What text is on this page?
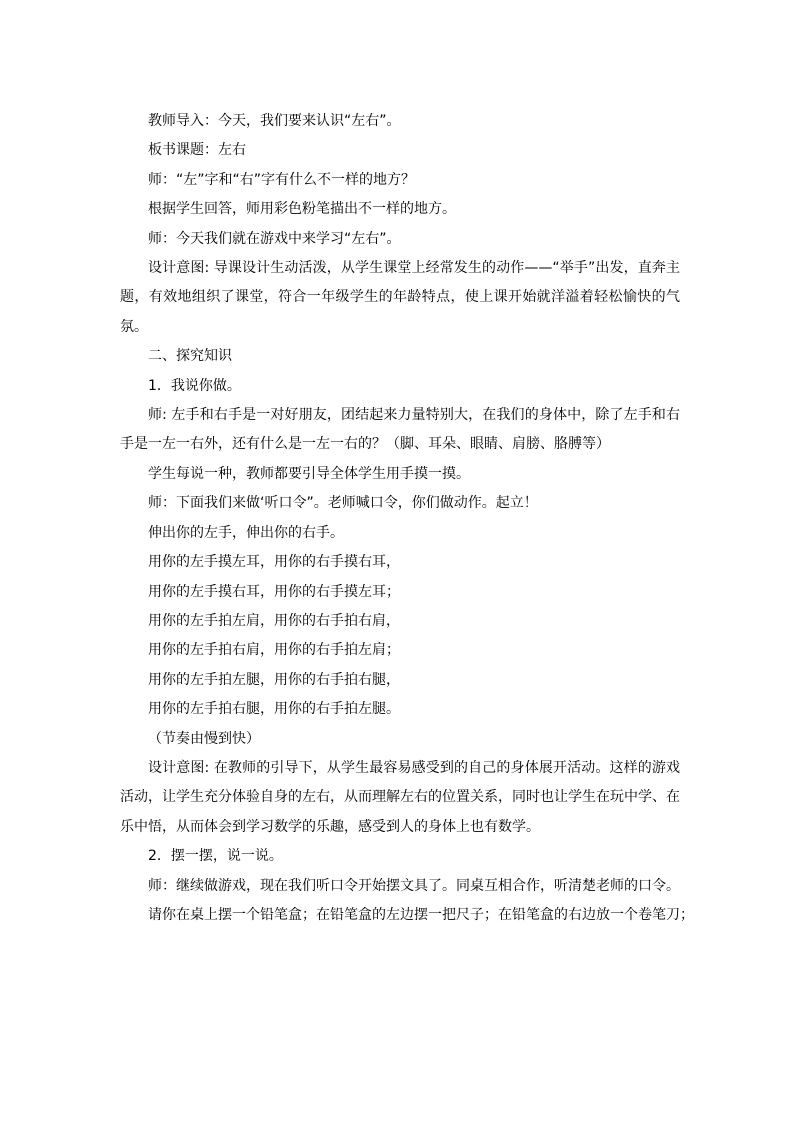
教师导入：今天，我们要来认识“左右”。

板书课题：左右

师：“左”字和“右”字有什么不一样的地方？

根据学生回答，师用彩色粉笔描出不一样的地方。

师：今天我们就在游戏中来学习“左右”。

设计意图: 导课设计生动活泼，从学生课堂上经常发生的动作——“举手”出发，直奔主题，有效地组织了课堂，符合一年级学生的年龄特点，使上课开始就洋溢着轻松愉快的气氛。

二、探究知识

1．我说你做。

师: 左手和右手是一对好朋友，团结起来力量特别大，在我们的身体中，除了左手和右手是一左一右外，还有什么是一左一右的？（脚、耳朵、眼睛、肩膀、胳膊等）

学生每说一种，教师都要引导全体学生用手摸一摸。

师：下面我们来做‘听口令”。老师喊口令，你们做动作。起立！

伸出你的左手，伸出你的右手。

用你的左手摸左耳，用你的右手摸右耳，

用你的左手摸右耳，用你的右手摸左耳；

用你的左手拍左肩，用你的右手拍右肩，

用你的左手拍右肩，用你的右手拍左肩；

用你的左手拍左腿，用你的右手拍右腿，

用你的左手拍右腿，用你的右手拍左腿。

（节奏由慢到快）

设计意图: 在教师的引导下，从学生最容易感受到的自己的身体展开活动。这样的游戏活动，让学生充分体验自身的左右，从而理解左右的位置关系，同时也让学生在玩中学、在乐中悟，从而体会到学习数学的乐趣，感受到人的身体上也有数学。

2．摆一摆，说一说。

师：继续做游戏，现在我们听口令开始摆文具了。同桌互相合作，听清楚老师的口令。

请你在桌上摆一个铅笔盒；在铅笔盒的左边摆一把尺子；在铅笔盒的右边放一个卷笔刀；
